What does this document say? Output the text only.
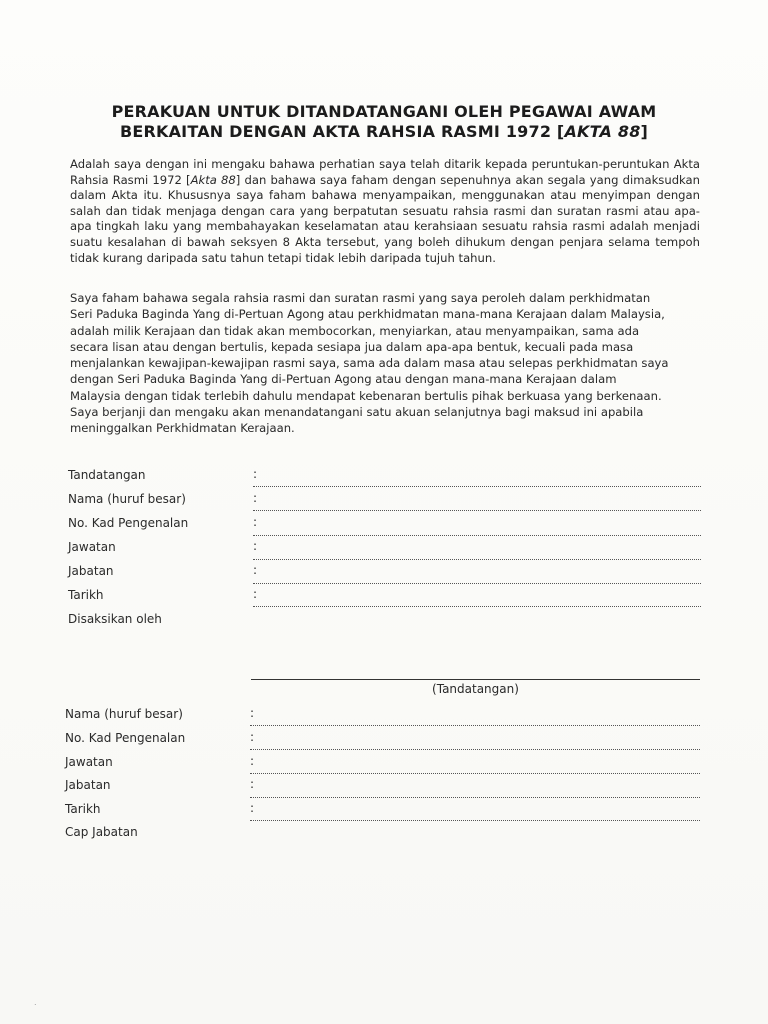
PERAKUAN UNTUK DITANDATANGANI OLEH PEGAWAI AWAM
BERKAITAN DENGAN AKTA RAHSIA RASMI 1972 [AKTA 88]
Adalah saya dengan ini mengaku bahawa perhatian saya telah ditarik kepada peruntukan-peruntukan Akta Rahsia Rasmi 1972 [Akta 88] dan bahawa saya faham dengan sepenuhnya akan segala yang dimaksudkan dalam Akta itu. Khususnya saya faham bahawa menyampaikan, menggunakan atau menyimpan dengan salah dan tidak menjaga dengan cara yang berpatutan sesuatu rahsia rasmi dan suratan rasmi atau apa-apa tingkah laku yang membahayakan keselamatan atau kerahsiaan sesuatu rahsia rasmi adalah menjadi suatu kesalahan di bawah seksyen 8 Akta tersebut, yang boleh dihukum dengan penjara selama tempoh tidak kurang daripada satu tahun tetapi tidak lebih daripada tujuh tahun.
Saya faham bahawa segala rahsia rasmi dan suratan rasmi yang saya peroleh dalam perkhidmatan
Seri Paduka Baginda Yang di-Pertuan Agong atau perkhidmatan mana-mana Kerajaan dalam Malaysia,
adalah milik Kerajaan dan tidak akan membocorkan, menyiarkan, atau menyampaikan, sama ada
secara lisan atau dengan bertulis, kepada sesiapa jua dalam apa-apa bentuk, kecuali pada masa
menjalankan kewajipan-kewajipan rasmi saya, sama ada dalam masa atau selepas perkhidmatan saya
dengan Seri Paduka Baginda Yang di-Pertuan Agong atau dengan mana-mana Kerajaan dalam
Malaysia dengan tidak terlebih dahulu mendapat kebenaran bertulis pihak berkuasa yang berkenaan.
Saya berjanji dan mengaku akan menandatangani satu akuan selanjutnya bagi maksud ini apabila
meninggalkan Perkhidmatan Kerajaan.
Tandatangan	:
Nama (huruf besar)	:
No. Kad Pengenalan	:
Jawatan	:
Jabatan	:
Tarikh	:
Disaksikan oleh
(Tandatangan)
Nama (huruf besar)	:
No. Kad Pengenalan	:
Jawatan	:
Jabatan	:
Tarikh	:
Cap Jabatan
.
